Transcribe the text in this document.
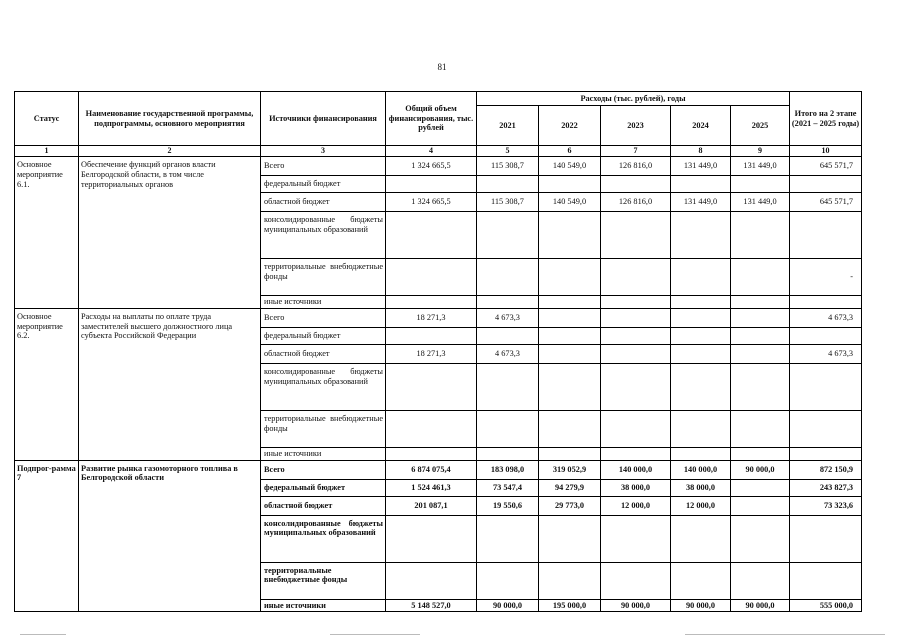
81
Статус	Наименование государственной программы, подпрограммы, основного мероприятия	Источники финансирования	Общий объем финансирования, тыс. рублей	Расходы (тыс. рублей), годы					Итого на 2 этапе (2021 – 2025 годы)
				2021	2022	2023	2024	2025	
1	2	3	4	5	6	7	8	9	10
Основное мероприятие 6.1.	Обеспечение функций органов власти Белгородской области, в том числе территориальных органов	Всего	1 324 665,5	115 308,7	140 549,0	126 816,0	131 449,0	131 449,0	645 571,7
		федеральный бюджет							
		областной бюджет	1 324 665,5	115 308,7	140 549,0	126 816,0	131 449,0	131 449,0	645 571,7
		консолидированные бюджеты муниципальных образований							
		территориальные внебюджетные фонды							-
		иные источники							
Основное мероприятие 6.2.	Расходы на выплаты по оплате труда заместителей высшего должностного лица субъекта Российской Федерации	Всего	18 271,3	4 673,3					4 673,3
		федеральный бюджет							
		областной бюджет	18 271,3	4 673,3					4 673,3
		консолидированные бюджеты муниципальных образований							
		территориальные внебюджетные фонды							
		иные источники							
Подпрог-рамма 7	Развитие рынка газомоторного топлива в Белгородской области	Всего	6 874 075,4	183 098,0	319 052,9	140 000,0	140 000,0	90 000,0	872 150,9
		федеральный бюджет	1 524 461,3	73 547,4	94 279,9	38 000,0	38 000,0		243 827,3
		областной бюджет	201 087,1	19 550,6	29 773,0	12 000,0	12 000,0		73 323,6
		консолидированные бюджеты муниципальных образований							
		территориальные внебюджетные фонды							
		иные источники	5 148 527,0	90 000,0	195 000,0	90 000,0	90 000,0	90 000,0	555 000,0
